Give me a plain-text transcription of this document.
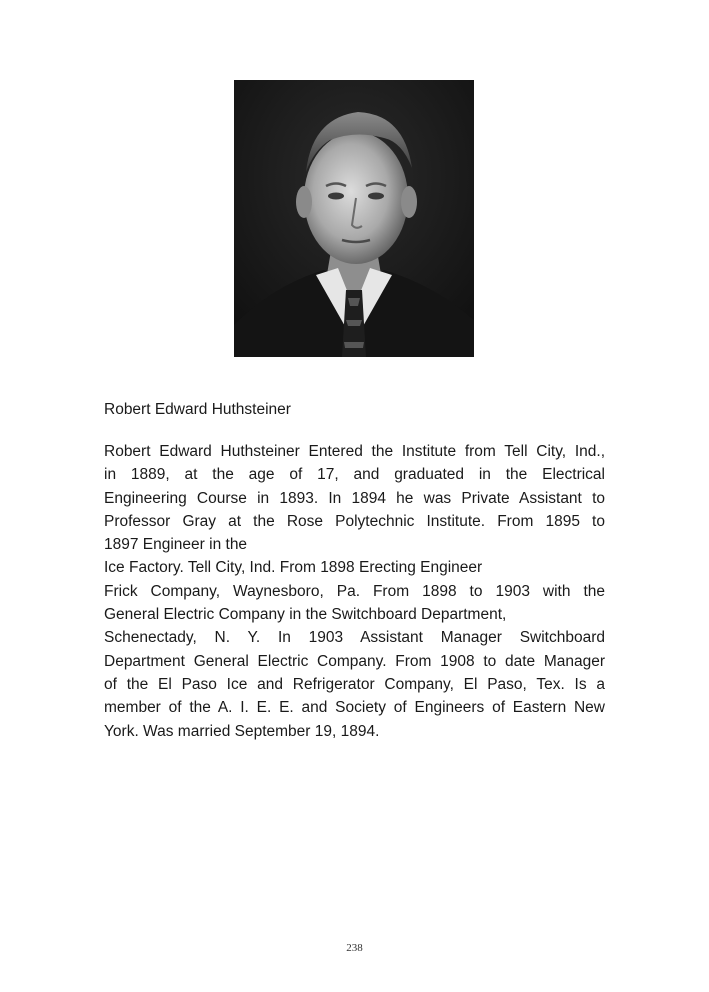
Robert Edward Huthsteiner
Robert Edward Huthsteiner Entered the Institute from Tell City, Ind.,
in 1889, at the age of 17, and graduated in the Electrical
Engineering Course in 1893. In 1894 he was Private Assistant to
Professor Gray at the Rose Polytechnic Institute. From 1895 to
1897 Engineer in the
Ice Factory. Tell City, Ind. From 1898 Erecting Engineer
Frick Company, Waynesboro, Pa. From 1898 to 1903 with the
General Electric Company in the Switchboard Department,
Schenectady, N. Y. In 1903 Assistant Manager Switchboard
Department General Electric Company. From 1908 to date Manager
of the El Paso Ice and Refrigerator Company, El Paso, Tex. Is a
member of the A. I. E. E. and Society of Engineers of Eastern New
York. Was married September 19, 1894.
238
